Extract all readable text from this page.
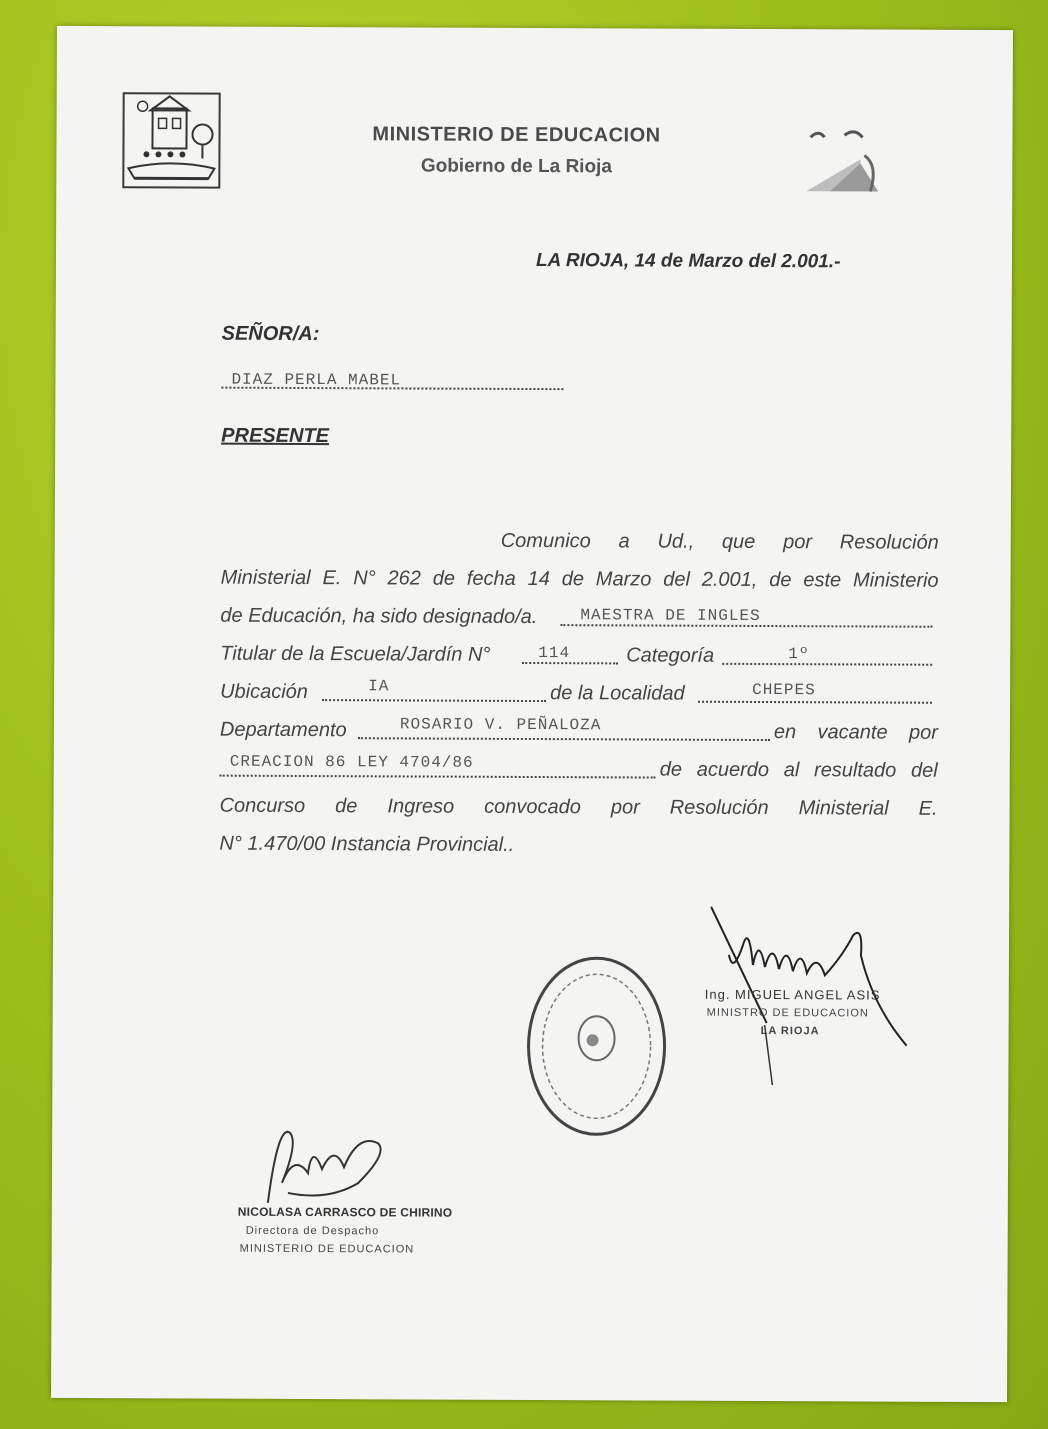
MINISTERIO DE EDUCACION
Gobierno de La Rioja
LA RIOJA, 14 de Marzo del 2.001.-
SEÑOR/A:
DIAZ PERLA MABEL
PRESENTE
Comunico a Ud., que por Resolución
Ministerial E. N° 262 de fecha 14 de Marzo del 2.001, de este Ministerio
de Educación, ha sido designado/a.	MAESTRA DE INGLES
Titular de la Escuela/Jardín N°	114	Categoría	1º
Ubicación	IA	de la Localidad	CHEPES
Departamento	ROSARIO V. PEÑALOZA	en vacante por
CREACION 86 LEY 4704/86	de acuerdo al resultado del
Concurso de Ingreso convocado por Resolución Ministerial E.
N° 1.470/00 Instancia Provincial..
Ing. MIGUEL ANGEL ASIS
MINISTRO DE EDUCACION
LA RIOJA
NICOLASA CARRASCO DE CHIRINO
Directora de Despacho
MINISTERIO DE EDUCACION
